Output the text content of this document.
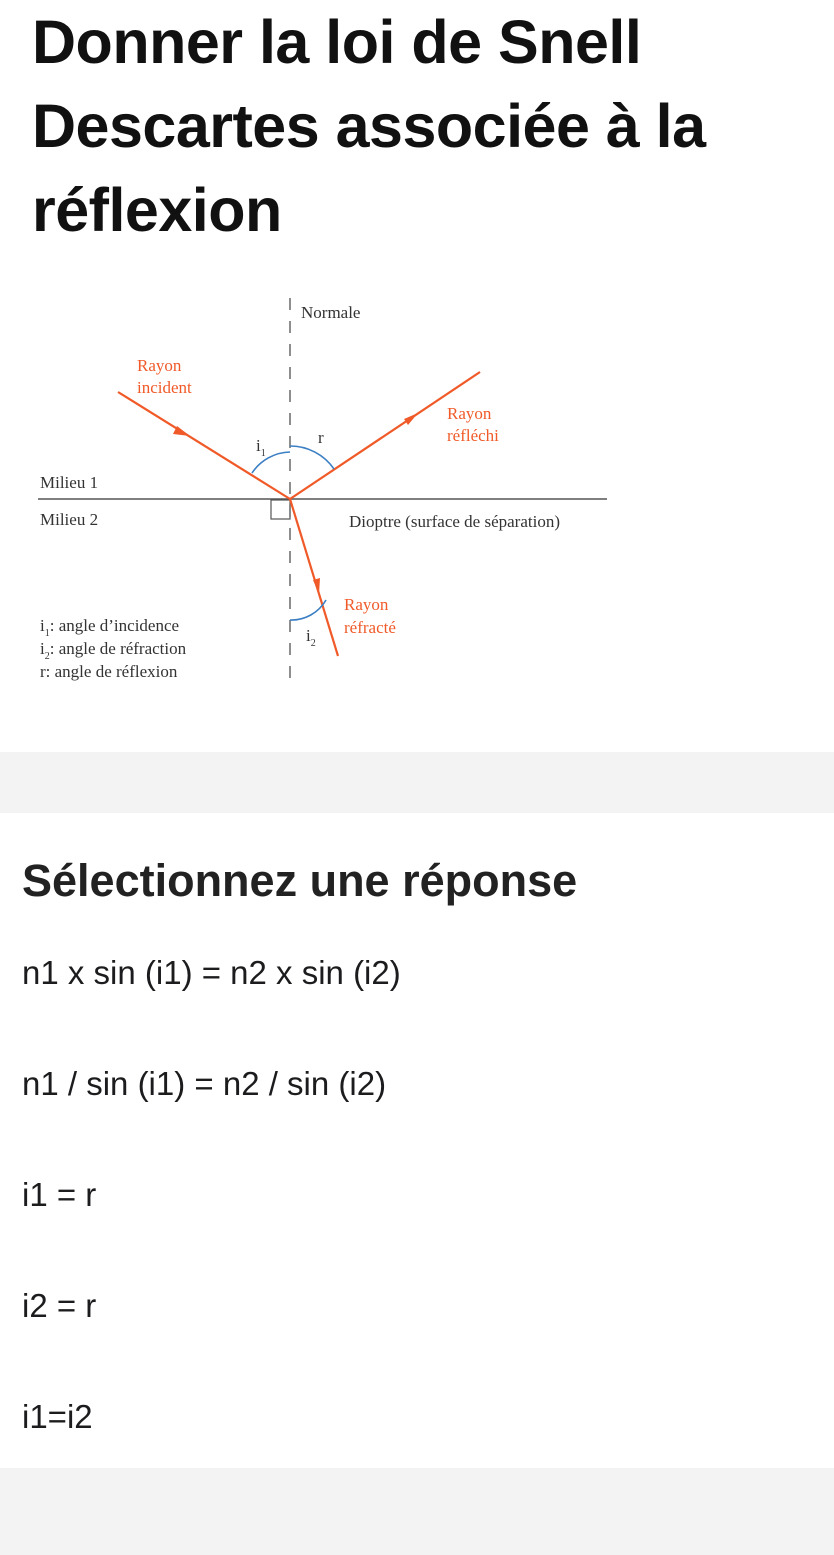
Donner la loi de Snell Descartes associée à la réflexion
Normale
Rayon
incident
Rayon
réfléchi
Rayon
réfracté
Milieu 1
Milieu 2	Dioptre (surface de séparation)
$i_1$
r
$i_2$
$i_1$: angle d’incidence
$i_2$: angle de réfraction
r: angle de réflexion
Sélectionnez une réponse
n1 x sin (i1) = n2 x sin (i2)
n1 / sin (i1) = n2 / sin (i2)
i1 = r
i2 = r
i1=i2
